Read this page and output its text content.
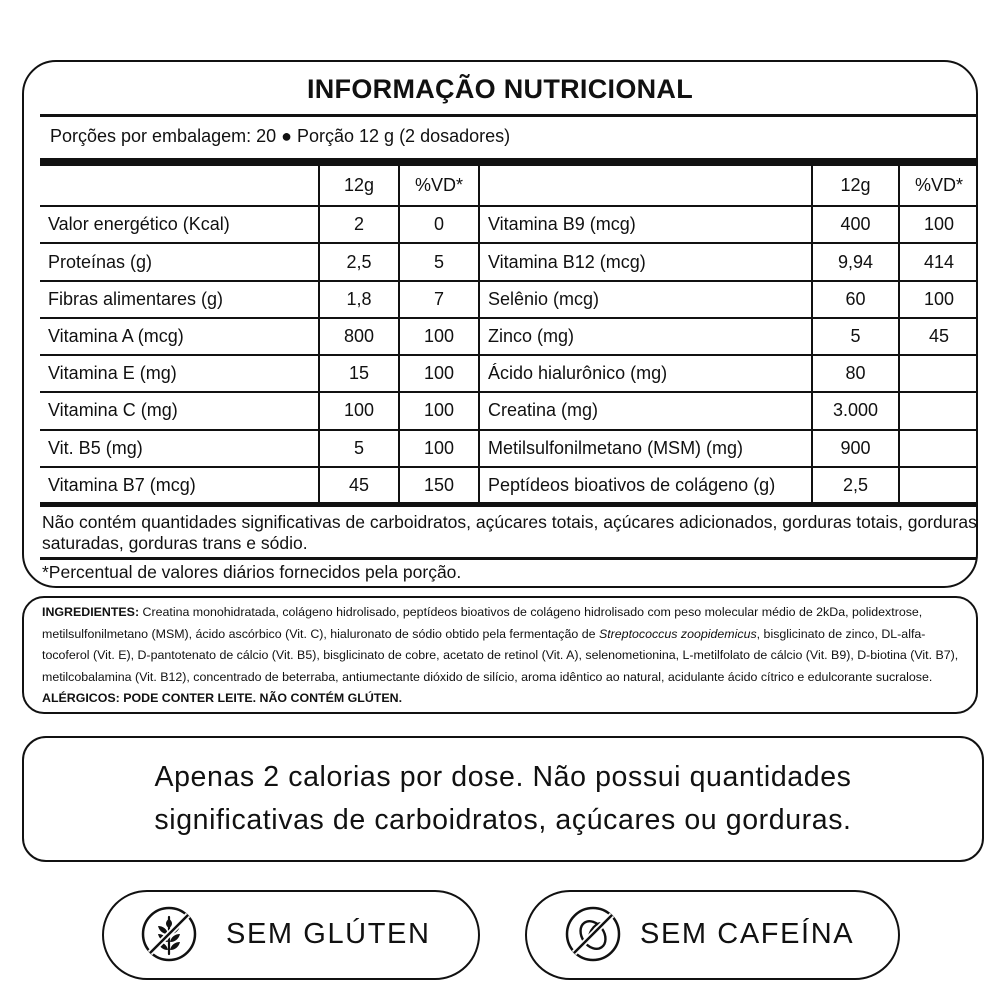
INFORMAÇÃO NUTRICIONAL
Porções por embalagem: 20 ● Porção 12 g (2 dosadores)
	12g	%VD*		12g	%VD*
Valor energético (Kcal)	2	0	Vitamina B9 (mcg)	400	100
Proteínas (g)	2,5	5	Vitamina B12 (mcg)	9,94	414
Fibras alimentares (g)	1,8	7	Selênio (mcg)	60	100
Vitamina A (mcg)	800	100	Zinco (mg)	5	45
Vitamina E (mg)	15	100	Ácido hialurônico (mg)	80	
Vitamina C (mg)	100	100	Creatina (mg)	3.000	
Vit. B5 (mg)	5	100	Metilsulfonilmetano (MSM) (mg)	900	
Vitamina B7 (mcg)	45	150	Peptídeos bioativos de colágeno (g)	2,5	
Não contém quantidades significativas de carboidratos, açúcares totais, açúcares adicionados, gorduras totais, gorduras saturadas, gorduras trans e sódio.
*Percentual de valores diários fornecidos pela porção.
INGREDIENTES: Creatina monohidratada, colágeno hidrolisado, peptídeos bioativos de colágeno hidrolisado com peso molecular médio de 2kDa, polidextrose, metilsulfonilmetano (MSM), ácido ascórbico (Vit. C), hialuronato de sódio obtido pela fermentação de Streptococcus zoopidemicus, bisglicinato de zinco, DL-alfa-tocoferol (Vit. E), D-pantotenato de cálcio (Vit. B5), bisglicinato de cobre, acetato de retinol (Vit. A), selenometionina, L-metilfolato de cálcio (Vit. B9), D-biotina (Vit. B7), metilcobalamina (Vit. B12), concentrado de beterraba, antiumectante dióxido de silício, aroma idêntico ao natural, acidulante ácido cítrico e edulcorante sucralose. ALÉRGICOS: PODE CONTER LEITE. NÃO CONTÉM GLÚTEN.
Apenas 2 calorias por dose. Não possui quantidades
significativas de carboidratos, açúcares ou gorduras.
SEM GLÚTEN	SEM CAFEÍNA
